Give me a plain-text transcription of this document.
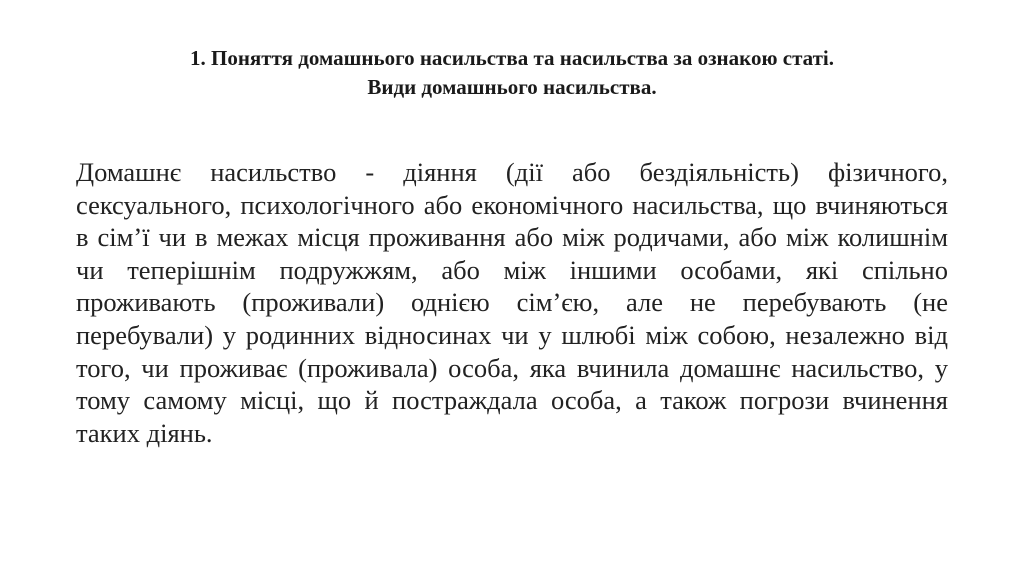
1. Поняття домашнього насильства та насильства за ознакою статі.
Види домашнього насильства.

Домашнє насильство - діяння (дії або бездіяльність) фізичного, сексуального, психологічного або економічного насильства, що вчиняються в сім’ї чи в межах місця проживання або між родичами, або між колишнім чи теперішнім подружжям, або між іншими особами, які спільно проживають (проживали) однією сім’єю, але не перебувають (не перебували) у родинних відносинах чи у шлюбі між собою, незалежно від того, чи проживає (проживала) особа, яка вчинила домашнє насильство, у тому самому місці, що й постраждала особа, а також погрози вчинення таких діянь.
